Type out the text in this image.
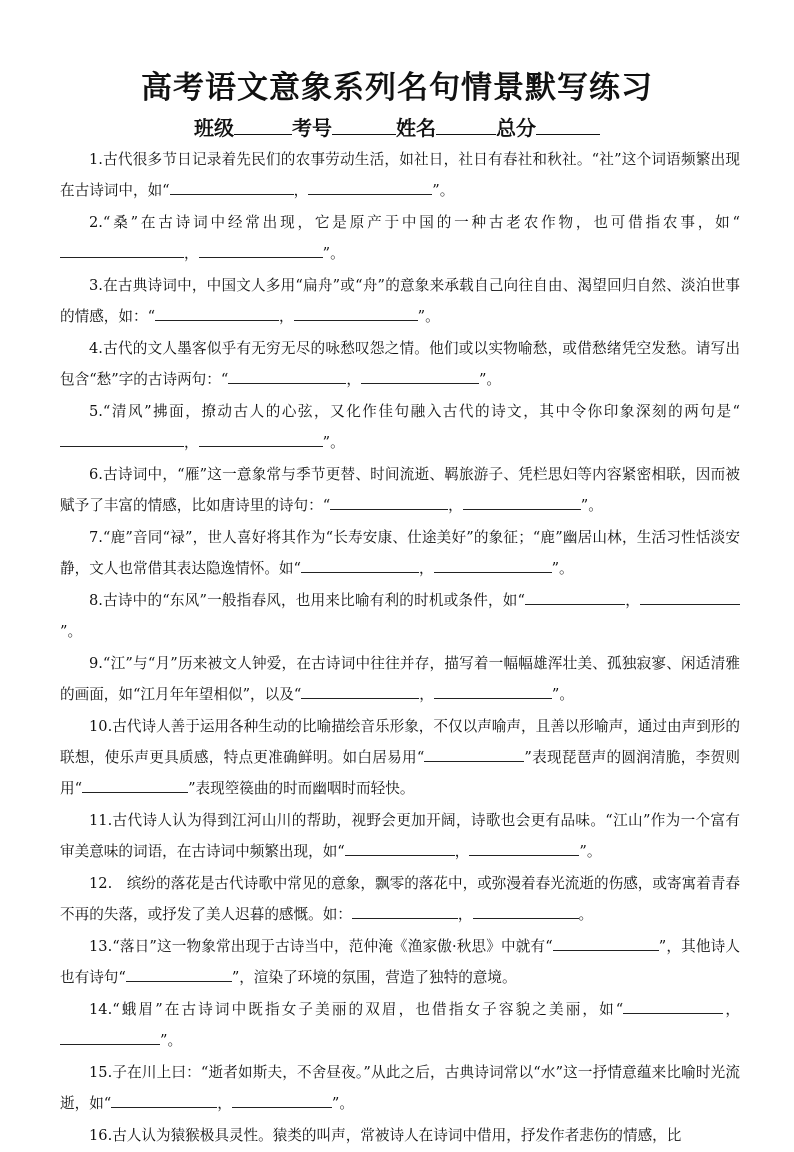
高考语文意象系列名句情景默写练习
班级	考号	姓名	总分

1.古代很多节日记录着先民们的农事劳动生活，如社日，社日有春社和秋社。“社”这个词语频繁出现在古诗词中，如“	，	”。

2.“桑”在古诗词中经常出现，它是原产于中国的一种古老农作物，也可借指农事，如“，	”。

3.在古典诗词中，中国文人多用“扁舟”或“舟”的意象来承载自己向往自由、渴望回归自然、淡泊世事的情感，如：“	，	”。

4.古代的文人墨客似乎有无穷无尽的咏愁叹怨之情。他们或以实物喻愁，或借愁绪凭空发愁。请写出包含“愁”字的古诗两句：“	，	”。

5.“清风”拂面，撩动古人的心弦，又化作佳句融入古代的诗文，其中令你印象深刻的两句是“，	”。

6.古诗词中，“雁”这一意象常与季节更替、时间流逝、羁旅游子、凭栏思妇等内容紧密相联，因而被赋予了丰富的情感，比如唐诗里的诗句：“	，	”。

7.“鹿”音同“禄”，世人喜好将其作为“长寿安康、仕途美好”的象征；“鹿”幽居山林，生活习性恬淡安静，文人也常借其表达隐逸情怀。如“	，	”。

8.古诗中的“东风”一般指春风，也用来比喻有利的时机或条件，如“	，”。

9.“江”与“月”历来被文人钟爱，在古诗词中往往并存，描写着一幅幅雄浑壮美、孤独寂寥、闲适清雅的画面，如“江月年年望相似”，以及“	，	”。

10.古代诗人善于运用各种生动的比喻描绘音乐形象，不仅以声喻声，且善以形喻声，通过由声到形的联想，使乐声更具质感，特点更准确鲜明。如白居易用“	”表现琵琶声的圆润清脆，李贺则用“	”表现箜篌曲的时而幽咽时而轻快。

11.古代诗人认为得到江河山川的帮助，视野会更加开阔，诗歌也会更有品味。“江山”作为一个富有审美意味的词语，在古诗词中频繁出现，如“	，	”。

12.　缤纷的落花是古代诗歌中常见的意象，飘零的落花中，或弥漫着春光流逝的伤感，或寄寓着青春不再的失落，或抒发了美人迟暮的感慨。如：	，	。

13.“落日”这一物象常出现于古诗当中，范仲淹《渔家傲·秋思》中就有“	”，其他诗人也有诗句“	”，渲染了环境的氛围，营造了独特的意境。

14.“蛾眉”在古诗词中既指女子美丽的双眉，也借指女子容貌之美丽，如“	，”。

15.子在川上曰：“逝者如斯夫，不舍昼夜。”从此之后，古典诗词常以“水”这一抒情意蕴来比喻时光流逝，如“	，	”。

16.古人认为猿猴极具灵性。猿类的叫声，常被诗人在诗词中借用，抒发作者悲伤的情感，比
